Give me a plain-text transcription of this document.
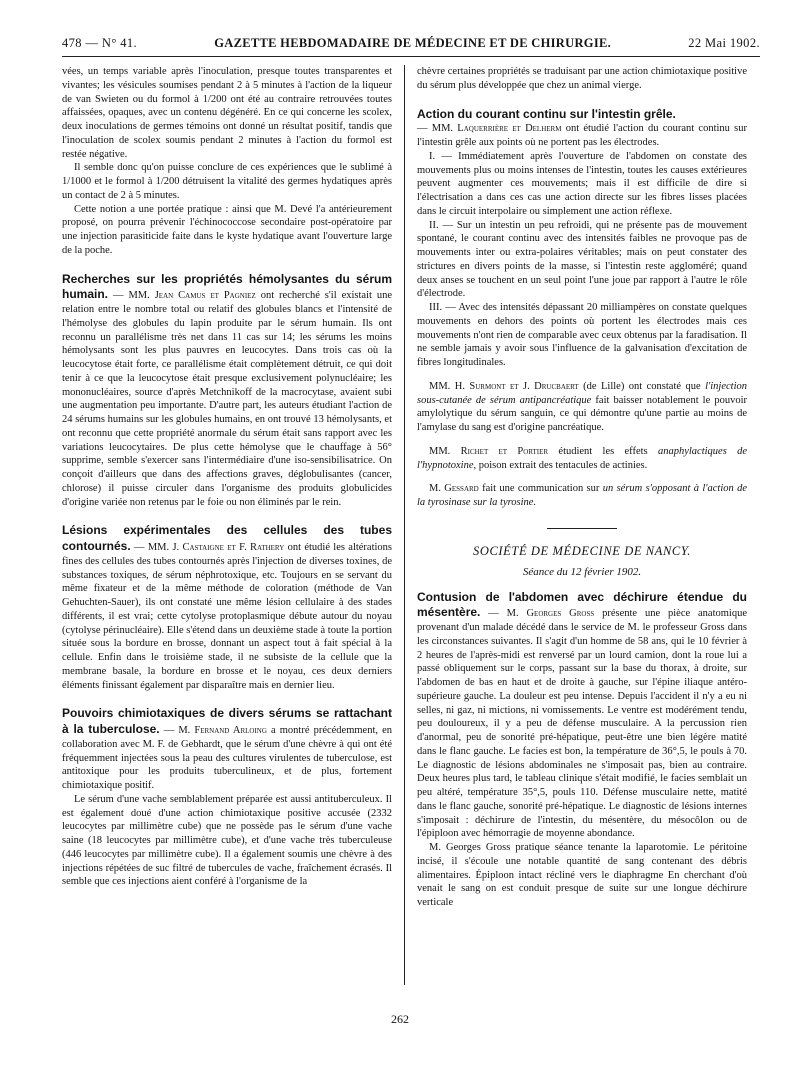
478 — N° 41.	GAZETTE HEBDOMADAIRE DE MÉDECINE ET DE CHIRURGIE.	22 Mai 1902.

vées, un temps variable après l'inoculation, presque toutes transparentes et vivantes; les vésicules soumises pendant 2 à 5 minutes à l'action de la liqueur de van Swieten ou du formol à 1/200 ont été au contraire retrouvées toutes affaissées, opaques, avec un contenu dégénéré. En ce qui concerne les scolex, deux inoculations de germes témoins ont donné un résultat positif, tandis que l'inoculation de scolex soumis pendant 2 minutes à l'action du formol est restée négative.

Il semble donc qu'on puisse conclure de ces expériences que le sublimé à 1/1000 et le formol à 1/200 détruisent la vitalité des germes hydatiques après un contact de 2 à 5 minutes.

Cette notion a une portée pratique : ainsi que M. Devé l'a antérieurement proposé, on pourra prévenir l'échinococcose secondaire post-opératoire par une injection parasiticide faite dans le kyste hydatique avant l'ouverture large de la poche.

Recherches sur les propriétés hémolysantes du sérum humain. — MM. Jean Camus et Pagniez ont recherché s'il existait une relation entre le nombre total ou relatif des globules blancs et l'intensité de l'hémolyse des globules du lapin produite par le sérum humain. Ils ont reconnu un parallélisme très net dans 11 cas sur 14; les sérums les moins hémolysants sont les plus pauvres en leucocytes. Dans trois cas où la leucocytose était forte, ce parallélisme était complètement détruit, ce qui doit tenir à ce que la leucocytose était presque exclusivement polynucléaire; les mononucléaires, source d'après Metchnikoff de la macrocytase, avaient subi une augmentation peu importante. D'autre part, les auteurs étudiant l'action de 24 sérums humains sur les globules humains, en ont trouvé 13 hémolysants, et ont reconnu que cette propriété anormale du sérum était sans rapport avec les variations leucocytaires. De plus cette hémolyse que le chauffage à 56° supprime, semble s'exercer sans l'intermédiaire d'une iso-sensibilisatrice. On conçoit d'ailleurs que dans des affections graves, déglobulisantes (cancer, chlorose) il puisse circuler dans l'organisme des produits globulicides d'origine variée non retenus par le foie ou non éliminés par le rein.

Lésions expérimentales des cellules des tubes contournés. — MM. J. Castaigne et F. Rathery ont étudié les altérations fines des cellules des tubes contournés après l'injection de diverses toxines, de substances toxiques, de sérum néphrotoxique, etc. Toujours en se servant du même fixateur et de la même méthode de coloration (méthode de Van Gehuchten-Sauer), ils ont constaté une même lésion cellulaire à des stades différents, il est vrai; cette cytolyse protoplasmique débute autour du noyau (cytolyse périnucléaire). Elle s'étend dans un deuxième stade à toute la portion située sous la bordure en brosse, donnant un aspect tout à fait spécial à la cellule. Enfin dans le troisième stade, il ne subsiste de la cellule que la membrane basale, la bordure en brosse et le noyau, ces deux derniers éléments finissant également par disparaître mais en dernier lieu.

Pouvoirs chimiotaxiques de divers sérums se rattachant à la tuberculose. — M. Fernand Arloing a montré précédemment, en collaboration avec M. F. de Gebhardt, que le sérum d'une chèvre à qui ont été fréquemment injectées sous la peau des cultures virulentes de tuberculose, est antitoxique pour les produits tuberculineux, et de plus, fortement chimiotaxique positif.

Le sérum d'une vache semblablement préparée est aussi antituberculeux. Il est également doué d'une action chimiotaxique positive accusée (2332 leucocytes par millimètre cube) que ne possède pas le sérum d'une vache saine (18 leucocytes par millimètre cube), et d'une vache très tuberculeuse (446 leucocytes par millimètre cube). Il a également soumis une chèvre à des injections répétées de suc filtré de tubercules de vache, fraîchement écrasés. Il semble que ces injections aient conféré à l'organisme de la

chèvre certaines propriétés se traduisant par une action chimiotaxique positive du sérum plus développée que chez un animal vierge.

Action du courant continu sur l'intestin grêle.
— MM. Laquerrière et Delherm ont étudié l'action du courant continu sur l'intestin grêle aux points où ne portent pas les électrodes.

I. — Immédiatement après l'ouverture de l'abdomen on constate des mouvements plus ou moins intenses de l'intestin, toutes les causes extérieures peuvent augmenter ces mouvements; mais il est difficile de dire si l'électrisation a dans ces cas une action directe sur les fibres lisses placées dans le circuit interpolaire ou simplement une action réflexe.

II. — Sur un intestin un peu refroidi, qui ne présente pas de mouvement spontané, le courant continu avec des intensités faibles ne provoque pas de mouvements inter ou extra-polaires véritables; mais on peut constater des strictures en divers points de la masse, si l'intestin reste aggloméré; quand deux anses se touchent en un seul point l'une joue par rapport à l'autre le rôle d'électrode.

III. — Avec des intensités dépassant 20 milliampères on constate quelques mouvements en dehors des points où portent les électrodes mais ces mouvements n'ont rien de comparable avec ceux obtenus par la faradisation. Il ne semble jamais y avoir sous l'influence de la galvanisation d'excitation de fibres longitudinales.

MM. H. Surmont et J. Drucbaert (de Lille) ont constaté que l'injection sous-cutanée de sérum antipancréatique fait baisser notablement le pouvoir amylolytique du sérum sanguin, ce qui démontre qu'une partie au moins de l'amylase du sang est d'origine pancréatique.

MM. Richet et Portier étudient les effets anaphylactiques de l'hypnotoxine, poison extrait des tentacules de actinies.

M. Gessard fait une communication sur un sérum s'opposant à l'action de la tyrosinase sur la tyrosine.

SOCIÉTÉ DE MÉDECINE DE NANCY.
Séance du 12 février 1902.

Contusion de l'abdomen avec déchirure étendue du mésentère. — M. Georges Gross présente une pièce anatomique provenant d'un malade décédé dans le service de M. le professeur Gross dans les circonstances suivantes. Il s'agit d'un homme de 58 ans, qui le 10 février à 2 heures de l'après-midi est renversé par un lourd camion, dont la roue lui a passé obliquement sur le corps, passant sur la base du thorax, à droite, sur l'abdomen de bas en haut et de droite à gauche, sur l'épine iliaque antéro-supérieure gauche. La douleur est peu intense. Depuis l'accident il n'y a eu ni selles, ni gaz, ni mictions, ni vomissements. Le ventre est modérément tendu, peu douloureux, il y a peu de défense musculaire. A la percussion rien d'anormal, peu de sonorité pré-hépatique, peut-être une bien légère matité dans le flanc gauche. Le facies est bon, la température de 36°,5, le pouls à 70. Le diagnostic de lésions abdominales ne s'imposait pas, bien au contraire. Deux heures plus tard, le tableau clinique s'était modifié, le facies semblait un peu altéré, température 35°,5, pouls 110. Défense musculaire nette, matité dans le flanc gauche, sonorité pré-hépatique. Le diagnostic de lésions internes s'imposait : déchirure de l'intestin, du mésentère, du mésocôlon ou de l'épiploon avec hémorragie de moyenne abondance.

M. Georges Gross pratique séance tenante la laparotomie. Le péritoine incisé, il s'écoule une notable quantité de sang contenant des débris alimentaires. Épiploon intact récliné vers le diaphragme En cherchant d'où venait le sang on est conduit presque de suite sur une longue déchirure verticale

262
